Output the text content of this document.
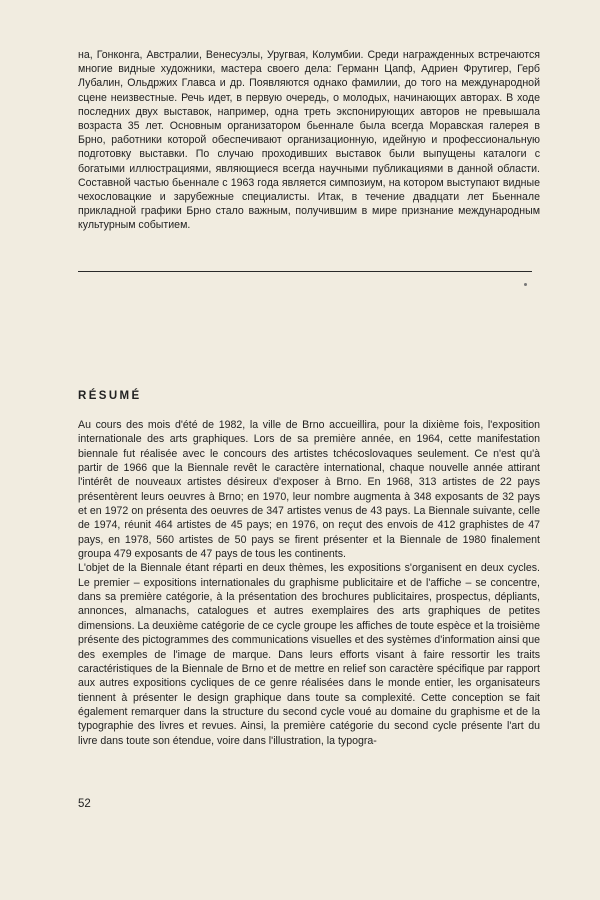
на, Гонконга, Австралии, Венесуэлы, Уругвая, Колумбии. Среди награжденных встречаются многие видные художники, мастера своего дела: Германн Цапф, Адриен Фрутигер, Герб Лубалин, Ольдржих Главса и др. Появляются однако фамилии, до того на международной сцене неизвестные. Речь идет, в первую очередь, о молодых, начинающих авторах. В ходе последних двух выставок, например, одна треть экспонирующих авторов не превышала возраста 35 лет. Основным организатором бьеннале была всегда Моравская галерея в Брно, работники которой обеспечивают организационную, идейную и профессиональную подготовку выставки. По случаю проходивших выставок были выпущены каталоги с богатыми иллюстрациями, являющиеся всегда научными публикациями в данной области. Составной частью бьеннале с 1963 года является симпозиум, на котором выступают видные чехословацкие и зарубежные специалисты. Итак, в течение двадцати лет Бьеннале прикладной графики Брно стало важным, получившим в мире признание международным культурным событием.

RÉSUMÉ

Au cours des mois d'été de 1982, la ville de Brno accueillira, pour la dixième fois, l'exposition internationale des arts graphiques. Lors de sa première année, en 1964, cette manifestation biennale fut réalisée avec le concours des artistes tchécoslovaques seulement. Ce n'est qu'à partir de 1966 que la Biennale revêt le caractère international, chaque nouvelle année attirant l'intérêt de nouveaux artistes désireux d'exposer à Brno. En 1968, 313 artistes de 22 pays présentèrent leurs oeuvres à Brno; en 1970, leur nombre augmenta à 348 exposants de 32 pays et en 1972 on présenta des oeuvres de 347 artistes venus de 43 pays. La Biennale suivante, celle de 1974, réunit 464 artistes de 45 pays; en 1976, on reçut des envois de 412 graphistes de 47 pays, en 1978, 560 artistes de 50 pays se firent présenter et la Biennale de 1980 finalement groupa 479 exposants de 47 pays de tous les continents.

L'objet de la Biennale étant réparti en deux thèmes, les expositions s'organisent en deux cycles. Le premier – expositions internationales du graphisme publicitaire et de l'affiche – se concentre, dans sa première catégorie, à la présentation des brochures publicitaires, prospectus, dépliants, annonces, almanachs, catalogues et autres exemplaires des arts graphiques de petites dimensions. La deuxième catégorie de ce cycle groupe les affiches de toute espèce et la troisième présente des pictogrammes des communications visuelles et des systèmes d'information ainsi que des exemples de l'image de marque. Dans leurs efforts visant à faire ressortir les traits caractéristiques de la Biennale de Brno et de mettre en relief son caractère spécifique par rapport aux autres expositions cycliques de ce genre réalisées dans le monde entier, les organisateurs tiennent à présenter le design graphique dans toute sa complexité. Cette conception se fait également remarquer dans la structure du second cycle voué au domaine du graphisme et de la typographie des livres et revues. Ainsi, la première catégorie du second cycle présente l'art du livre dans toute son étendue, voire dans l'illustration, la typogra-

52
